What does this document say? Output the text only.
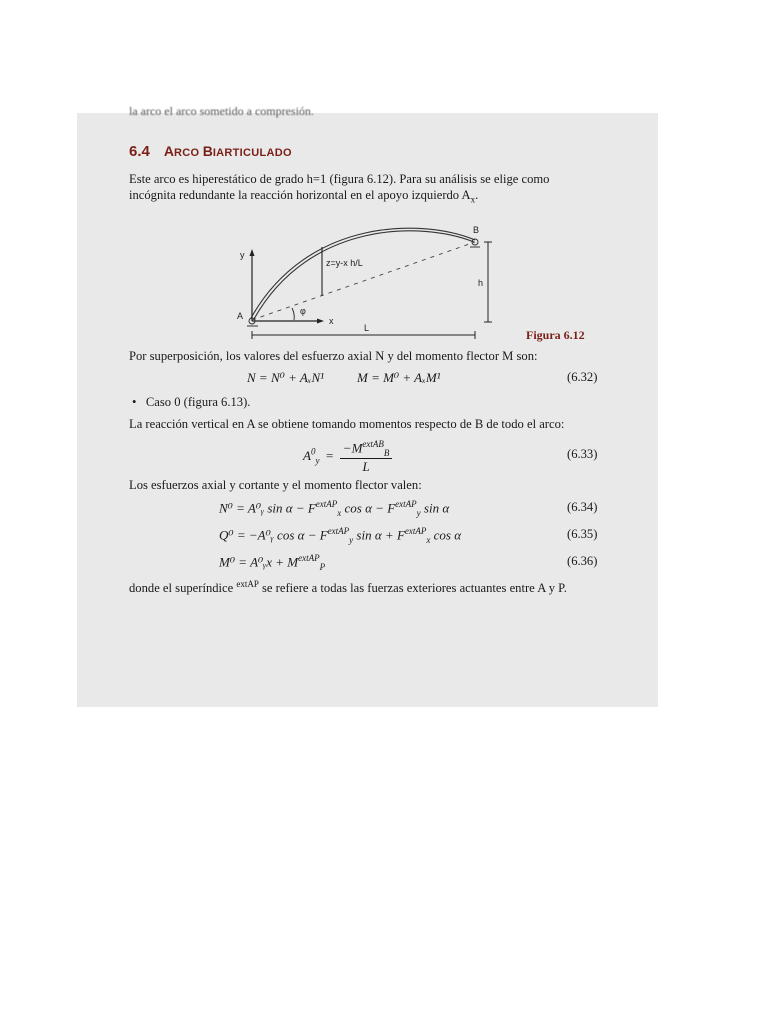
la arco el arco sometido a compresión.
6.4 ARCO BIARTICULADO
Este arco es hiperestático de grado h=1 (figura 6.12). Para su análisis se elige como
incógnita redundante la reacción horizontal en el apoyo izquierdo $A_x$.
y
x
z=y-x h/L
φ
A
B
h
L	Figura 6.12
Por superposición, los valores del esfuerzo axial N y del momento flector M son:
N = N⁰ + AₓN¹	M = M⁰ + AₓM¹	(6.32)
•   Caso 0 (figura 6.13).
La reacción vertical en A se obtiene tomando momentos respecto de B de todo el arco:
$A^0_y = \frac{-M^{extAB}_B}{L}$	(6.33)
Los esfuerzos axial y cortante y el momento flector valen:
N⁰ = A⁰ᵧ $\sin \alpha - F^{extAP}_x$ $\cos \alpha - F^{extAP}_y$ sin α	(6.34)
Q⁰ = −A⁰ᵧ $\cos \alpha - F^{extAP}_y$ $\sin \alpha + F^{extAP}_x$ cos α	(6.35)
M⁰ = A⁰ᵧx + $M^{extAP}_P$	(6.36)
donde el superíndice $^{extAP}$ se refiere a todas las fuerzas exteriores actuantes entre A y P.
